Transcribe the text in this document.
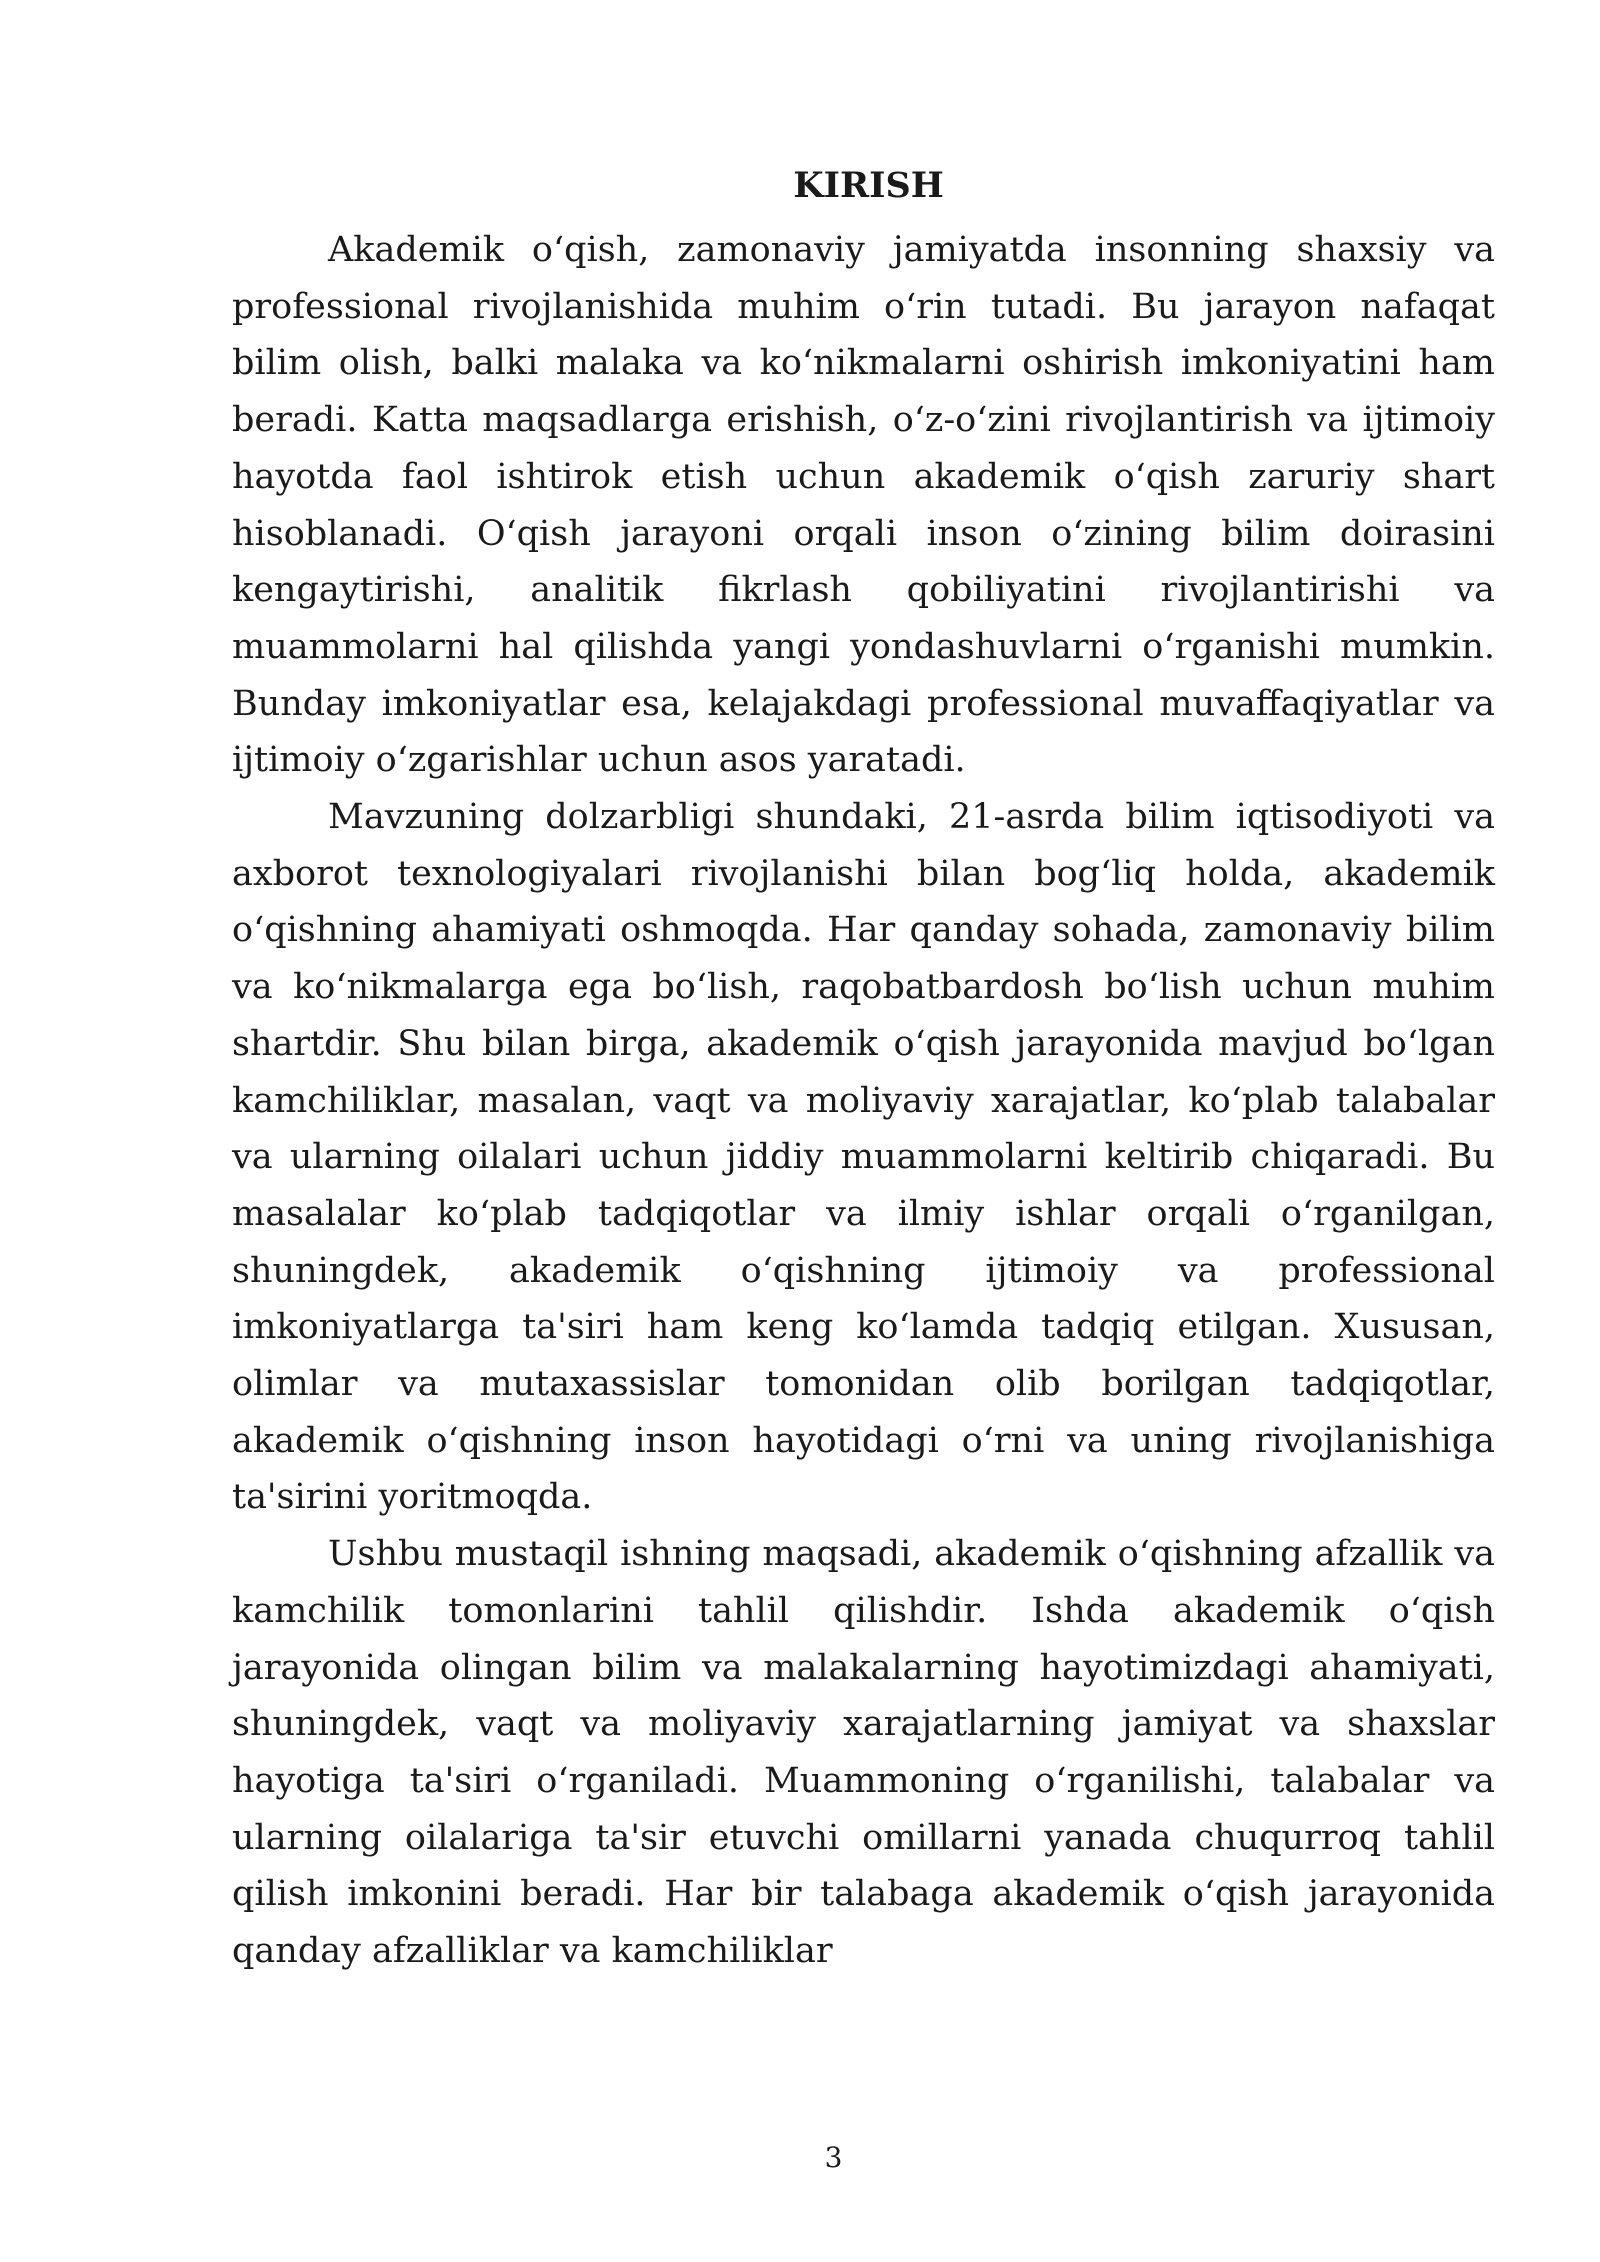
KIRISH

Akademik oʻqish, zamonaviy jamiyatda insonning shaxsiy va professional rivojlanishida muhim oʻrin tutadi. Bu jarayon nafaqat bilim olish, balki malaka va koʻnikmalarni oshirish imkoniyatini ham beradi. Katta maqsadlarga erishish, oʻz-oʻzini rivojlantirish va ijtimoiy hayotda faol ishtirok etish uchun akademik oʻqish zaruriy shart hisoblanadi. Oʻqish jarayoni orqali inson oʻzining bilim doirasini kengaytirishi, analitik fikrlash qobiliyatini rivojlantirishi va muammolarni hal qilishda yangi yondashuvlarni oʻrganishi mumkin. Bunday imkoniyatlar esa, kelajakdagi professional muvaffaqiyatlar va ijtimoiy oʻzgarishlar uchun asos yaratadi.

Mavzuning dolzarbligi shundaki, 21-asrda bilim iqtisodiyoti va axborot texnologiyalari rivojlanishi bilan bogʻliq holda, akademik oʻqishning ahamiyati oshmoqda. Har qanday sohada, zamonaviy bilim va koʻnikmalarga ega boʻlish, raqobatbardosh boʻlish uchun muhim shartdir. Shu bilan birga, akademik oʻqish jarayonida mavjud boʻlgan kamchiliklar, masalan, vaqt va moliyaviy xarajatlar, koʻplab talabalar va ularning oilalari uchun jiddiy muammolarni keltirib chiqaradi. Bu masalalar koʻplab tadqiqotlar va ilmiy ishlar orqali oʻrganilgan, shuningdek, akademik oʻqishning ijtimoiy va professional imkoniyatlarga ta'siri ham keng koʻlamda tadqiq etilgan. Xususan, olimlar va mutaxassislar tomonidan olib borilgan tadqiqotlar, akademik oʻqishning inson hayotidagi oʻrni va uning rivojlanishiga ta'sirini yoritmoqda.

Ushbu mustaqil ishning maqsadi, akademik oʻqishning afzallik va kamchilik tomonlarini tahlil qilishdir. Ishda akademik oʻqish jarayonida olingan bilim va malakalarning hayotimizdagi ahamiyati, shuningdek, vaqt va moliyaviy xarajatlarning jamiyat va shaxslar hayotiga ta'siri oʻrganiladi. Muammoning oʻrganilishi, talabalar va ularning oilalariga ta'sir etuvchi omillarni yanada chuqurroq tahlil qilish imkonini beradi. Har bir talabaga akademik oʻqish jarayonida qanday afzalliklar va kamchiliklar

3
